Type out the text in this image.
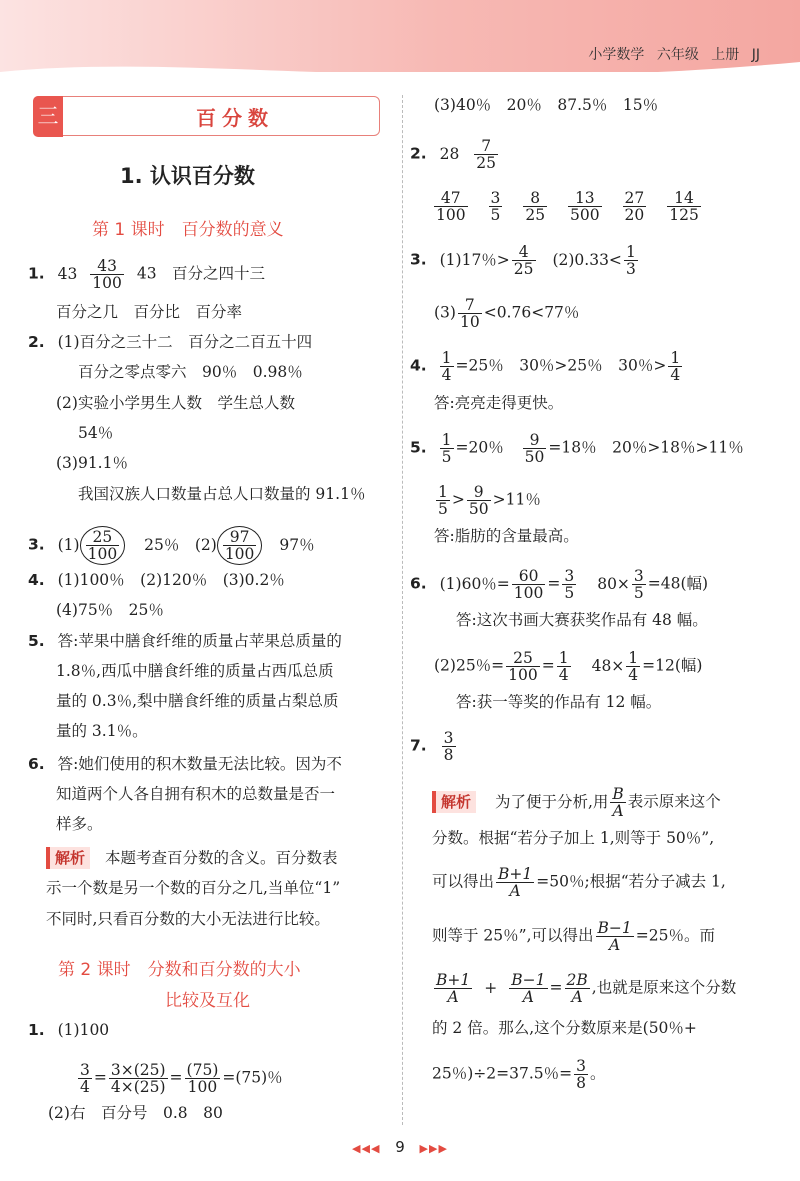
小学数学 六年级 上册 JJ
三	百分数
1. 认识百分数
第 1 课时　百分数的意义
1. $43 \frac{43}{100} 43$　百分之四十三
百分之几　百分比　百分率
2. (1)百分之三十二　百分之二百五十四
百分之零点零六　90％　0.98％
(2)实验小学男生人数　学生总人数
54％
(3)91.1％
我国汉族人口数量占总人口数量的 91.1％
3. $(1) \frac{25}{100} 25$％　$(2) \frac{97}{100} 97$％
4. (1)100％　(2)120％　(3)0.2％
(4)75％　25％
5. 答:苹果中膳食纤维的质量占苹果总质量的
1.8％,西瓜中膳食纤维的质量占西瓜总质
量的 0.3％,梨中膳食纤维的质量占梨总质
量的 3.1％。
6. 答:她们使用的积木数量无法比较。因为不
知道两个人各自拥有积木的总数量是否一
样多。
解析 本题考查百分数的含义。百分数表
示一个数是另一个数的百分之几,当单位“1”
不同时,只看百分数的大小无法进行比较。
第 2 课时　分数和百分数的大小
比较及互化
1. (1)100
$\frac{3}{4} = \frac{3\times(25)}{4\times(25)} = \frac{(75)}{100} =(75)$％
(2)右　百分号　0.8　80
(3)40％　20％　87.5％　15％
2. $28 \frac{7}{25}$
$\frac{47}{100}$
$\frac{3}{5}$
$\frac{8}{25}$
$\frac{13}{500}$
$\frac{27}{20}$
$\frac{14}{125}$
3. (1)17％> $\frac{4}{25} (2)0.33< \frac{1}{3}$
$(3) \frac{7}{10} <0.76<77$％
4. $\frac{1}{4} =25$％　30％>25％　30％> $\frac{1}{4}$
答:亮亮走得更快。
5. $\frac{1}{5} =20$％ $\frac{9}{50} =18$％　20％>18％>11％
$\frac{1}{5} > \frac{9}{50} >11$％
答:脂肪的含量最高。
6. (1)60％= $\frac{60}{100} = \frac{3}{5} 80\times \frac{3}{5} =48$(幅)
答:这次书画大赛获奖作品有 48 幅。
(2)25％= $\frac{25}{100} = \frac{1}{4} 48\times \frac{1}{4} =12$(幅)
答:获一等奖的作品有 12 幅。
7. $\frac{3}{8}$
解析 为了便于分析,用 $\frac{B}{A}$ 表示原来这个
分数。根据“若分子加上 1,则等于 50％”,
可以得出 $\frac{B+1}{A} =50$％;根据“若分子减去 1,
则等于 25％”,可以得出 $\frac{B-1}{A} =25$％。而
$\frac{B+1}{A} + \frac{B-1}{A} = \frac{2B}{A}$ ,也就是原来这个分数
的 2 倍。那么,这个分数原来是(50％+
25％)÷2=37.5％= $\frac{3}{8}$ 。
◀◀◀ 9 ▶▶▶
